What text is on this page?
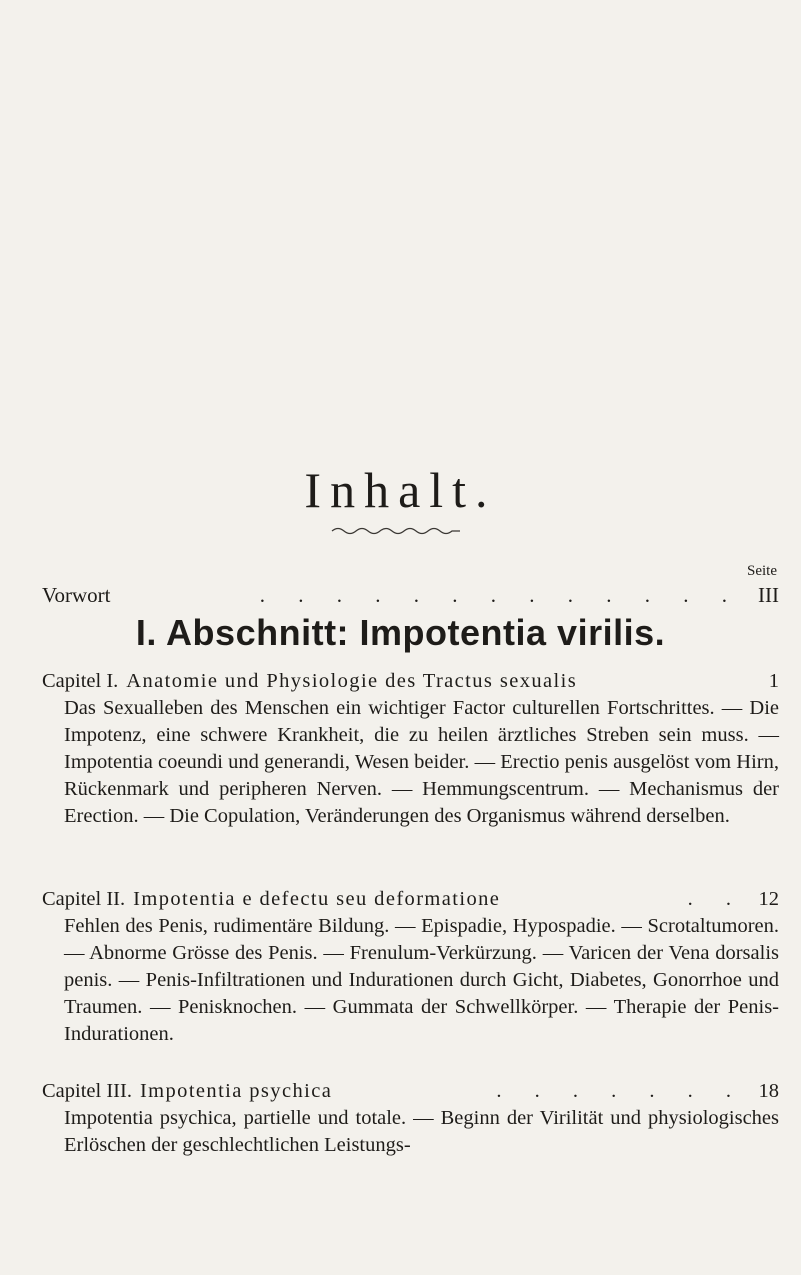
Inhalt.
Seite
Vorwort	. . . . . . . . . . . . . III
I. Abschnitt: Impotentia virilis.
Capitel I. Anatomie und Physiologie des Tractus sexualis	1
Das Sexualleben des Menschen ein wichtiger Factor culturellen Fortschrittes. — Die Impotenz, eine schwere Krankheit, die zu heilen ärztliches Streben sein muss. — Impotentia coeundi und generandi, Wesen beider. — Erectio penis ausgelöst vom Hirn, Rückenmark und peripheren Nerven. — Hemmungscentrum. — Mechanismus der Erection. — Die Copulation, Veränderungen des Organismus während derselben.
Capitel II. Impotentia e defectu seu deformatione	. . 12
Fehlen des Penis, rudimentäre Bildung. — Epispadie, Hypospadie. — Scrotaltumoren. — Abnorme Grösse des Penis. — Frenulum-Verkürzung. — Varicen der Vena dorsalis penis. — Penis-Infiltrationen und Indurationen durch Gicht, Diabetes, Gonorrhoe und Traumen. — Penisknochen. — Gummata der Schwellkörper. — Therapie der Penis-Indurationen.
Capitel III. Impotentia psychica	. . . . . . . 18
Impotentia psychica, partielle und totale. — Beginn der Virilität und physiologisches Erlöschen der geschlechtlichen Leistungs-
